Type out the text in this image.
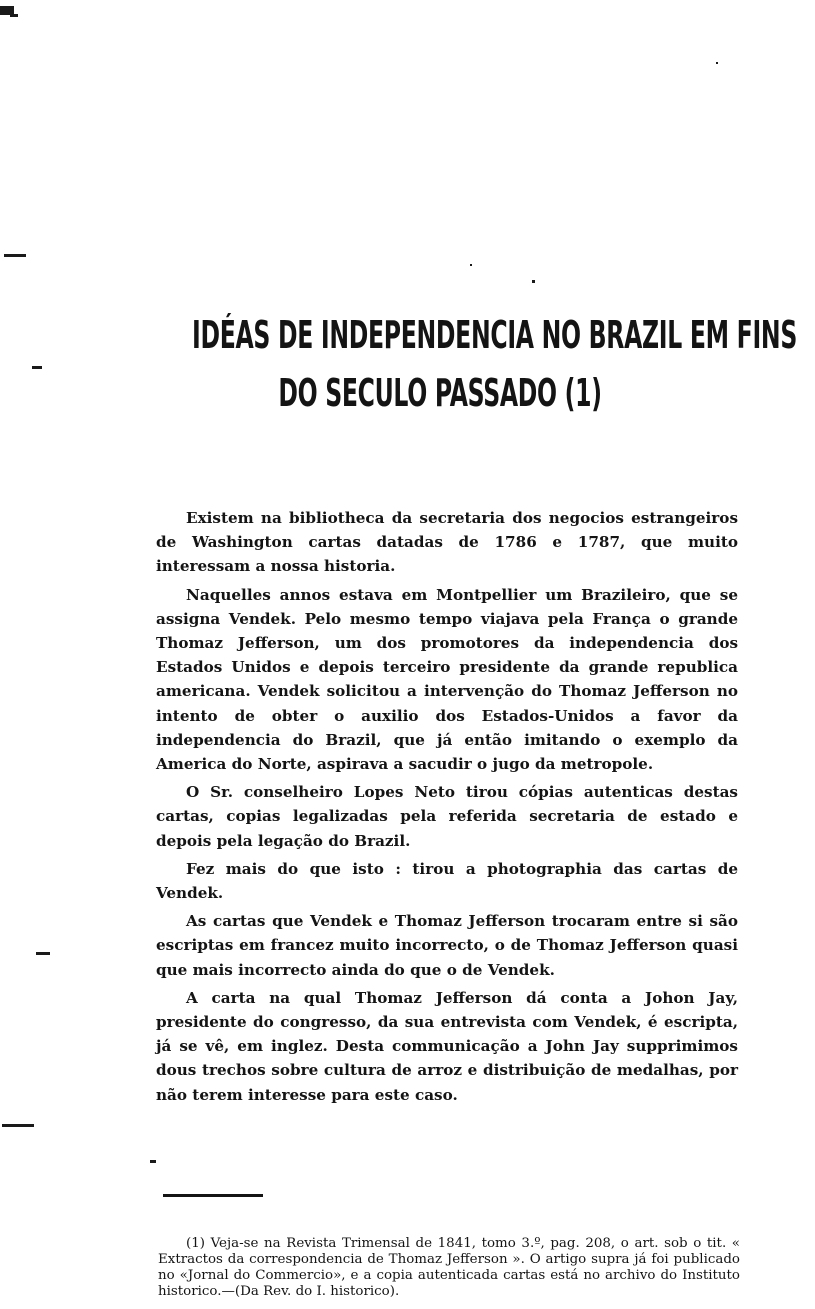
IDÉAS DE INDEPENDENCIA NO BRAZIL EM FINS
DO SECULO PASSADO (1)

Existem na bibliotheca da secretaria dos negocios estrangeiros de Washington cartas datadas de 1786 e 1787, que muito interessam a nossa historia.

Naquelles annos estava em Montpellier um Brazileiro, que se assigna Vendek. Pelo mesmo tempo viajava pela França o grande Thomaz Jefferson, um dos promotores da independencia dos Estados Unidos e depois terceiro presidente da grande republica americana. Vendek solicitou a intervenção do Thomaz Jefferson no intento de obter o auxilio dos Estados-Unidos a favor da independencia do Brazil, que já então imitando o exemplo da America do Norte, aspirava a sacudir o jugo da metropole.

O Sr. conselheiro Lopes Neto tirou cópias autenticas destas cartas, copias legalizadas pela referida secretaria de estado e depois pela legação do Brazil.

Fez mais do que isto : tirou a photographia das cartas de Vendek.

As cartas que Vendek e Thomaz Jefferson trocaram entre si são escriptas em francez muito incorrecto, o de Thomaz Jefferson quasi que mais incorrecto ainda do que o de Vendek.

A carta na qual Thomaz Jefferson dá conta a Johon Jay, presidente do congresso, da sua entrevista com Vendek, é escripta, já se vê, em inglez. Desta communicação a John Jay supprimimos dous trechos sobre cultura de arroz e distribuição de medalhas, por não terem interesse para este caso.

(1) Veja-se na Revista Trimensal de 1841, tomo 3.º, pag. 208, o art. sob o tit. « Extractos da correspondencia de Thomaz Jefferson ». O artigo supra já foi publicado no «Jornal do Commercio», e a copia autenticada cartas está no archivo do Instituto historico.—(Da Rev. do I. historico).
